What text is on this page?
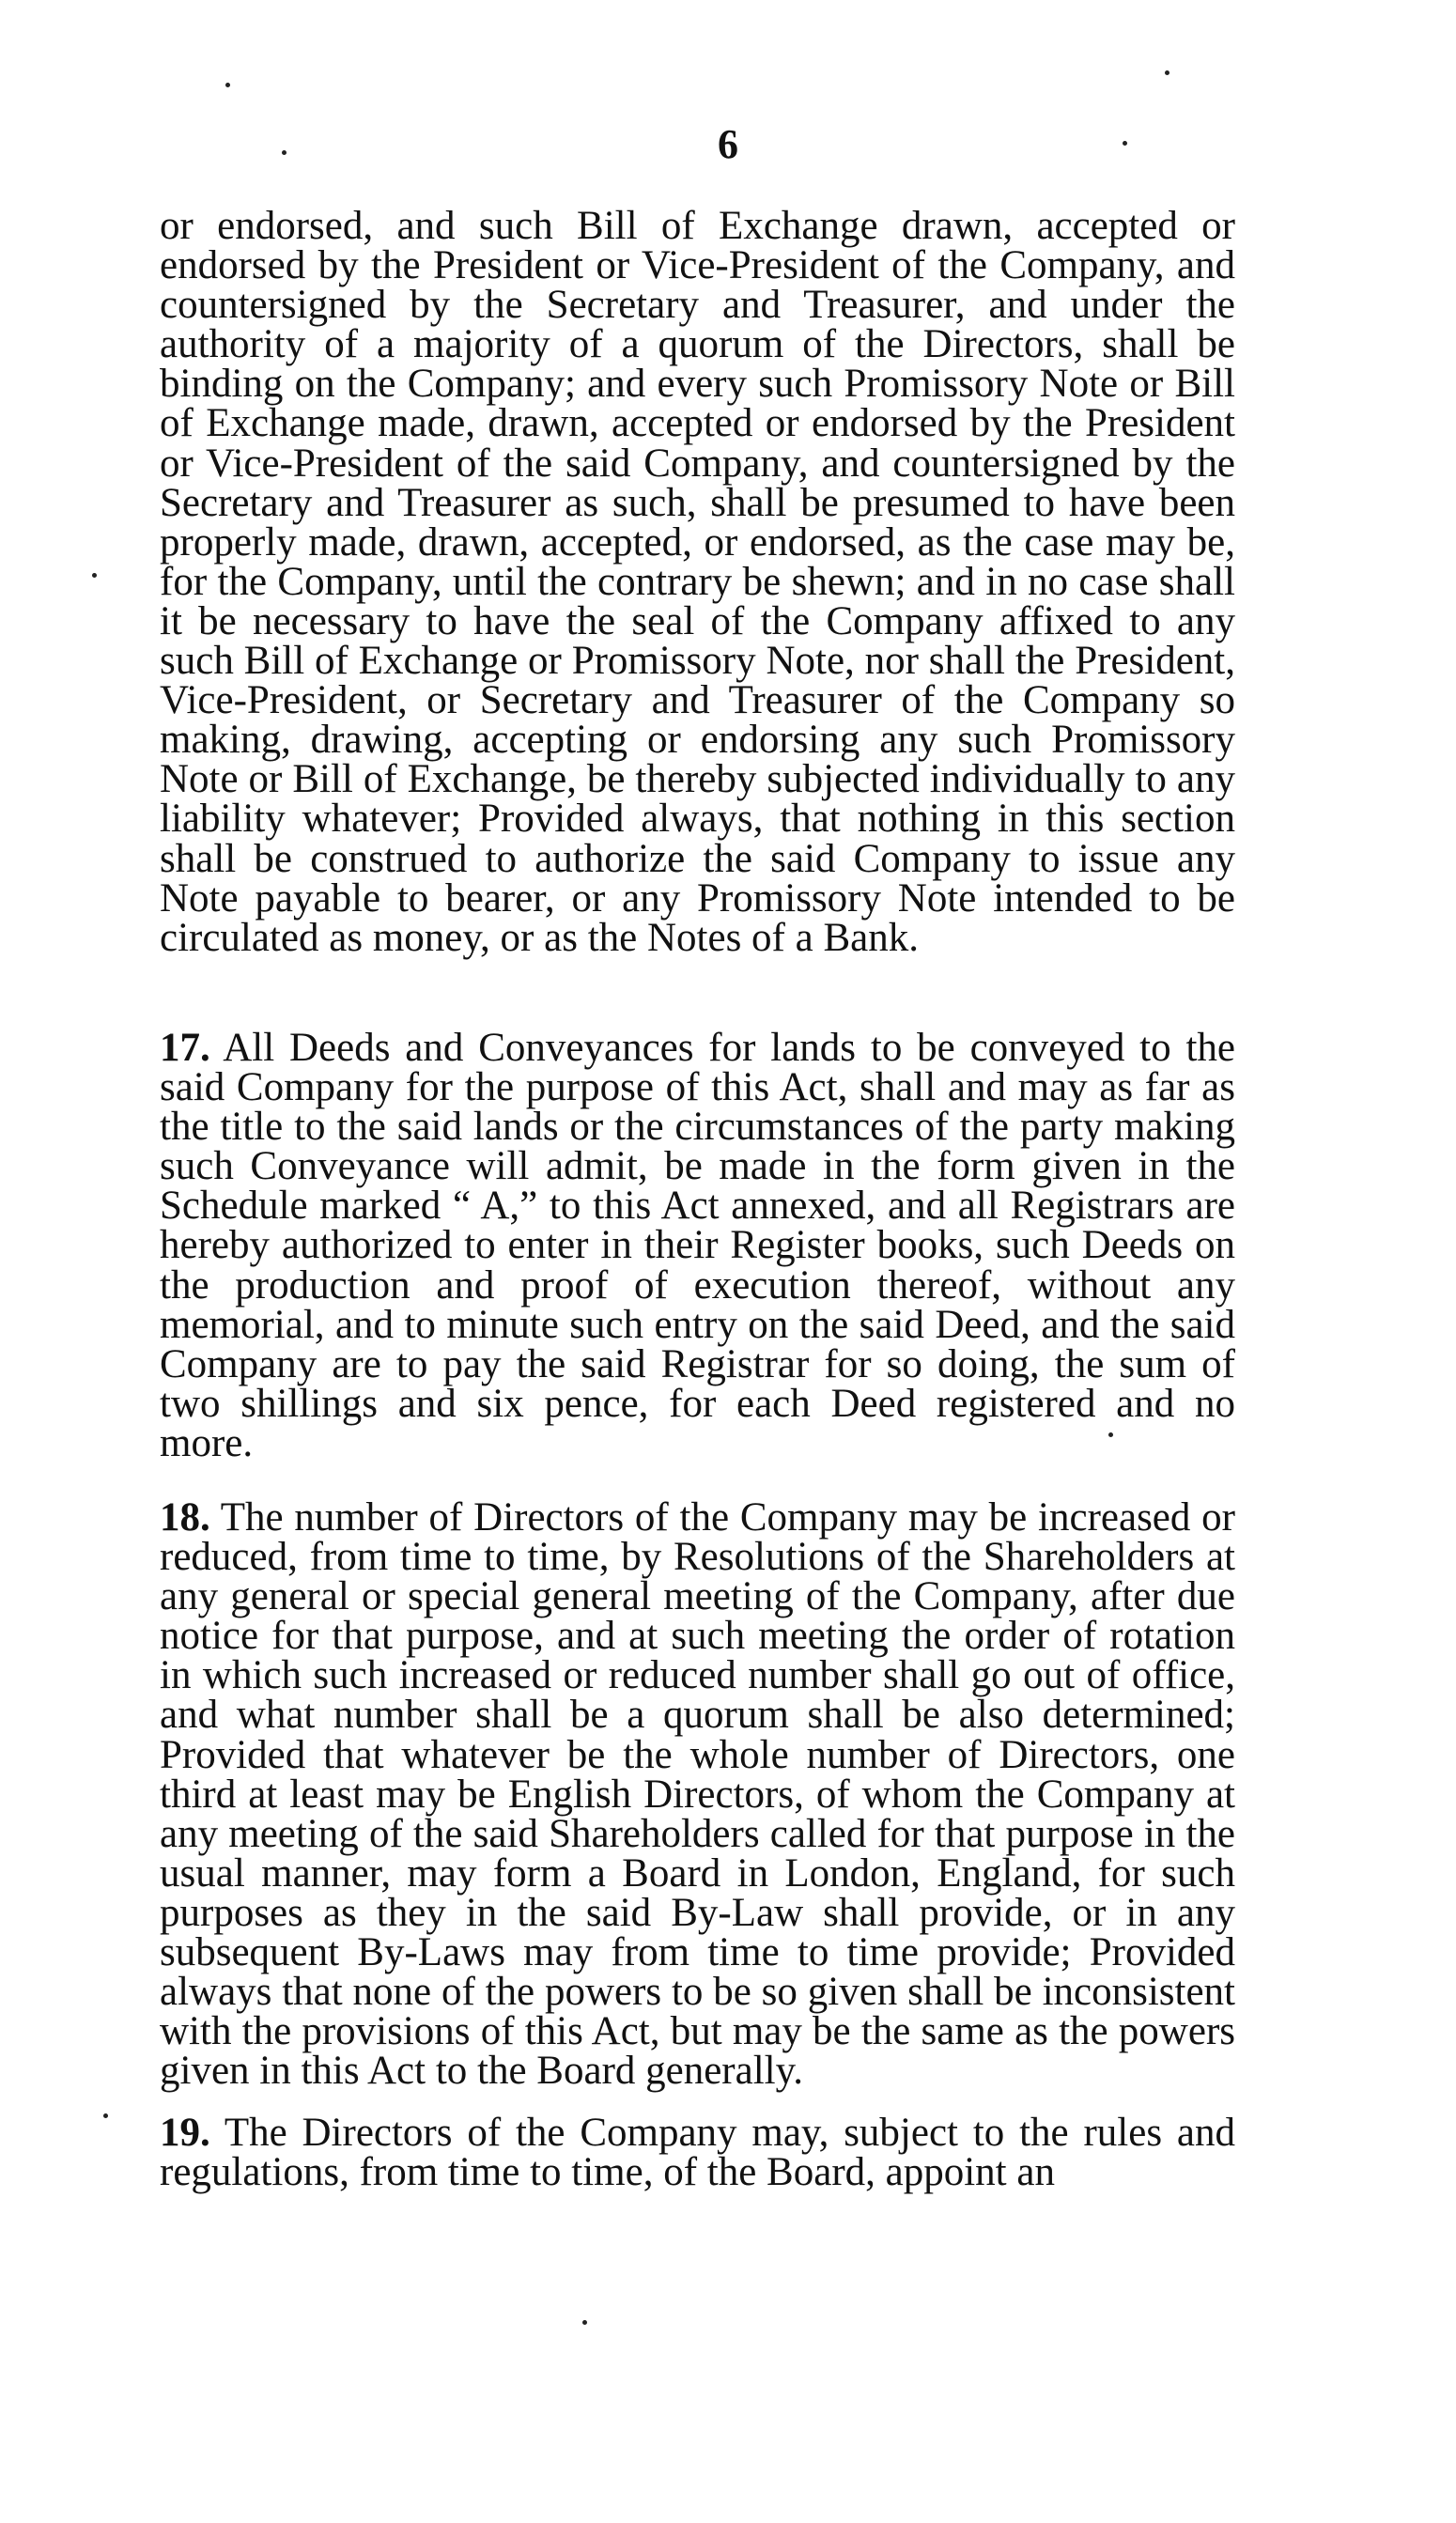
6

or endorsed, and such Bill of Exchange drawn, accepted or endorsed by the President or Vice-President of the Company, and countersigned by the Secretary and Treasurer, and under the authority of a majority of a quorum of the Directors, shall be binding on the Company; and every such Promissory Note or Bill of Exchange made, drawn, accepted or endorsed by the President or Vice-President of the said Company, and countersigned by the Secretary and Treasurer as such, shall be presumed to have been properly made, drawn, accepted, or endorsed, as the case may be, for the Company, until the contrary be shewn; and in no case shall it be necessary to have the seal of the Company affixed to any such Bill of Exchange or Promissory Note, nor shall the President, Vice-President, or Secretary and Treasurer of the Company so making, drawing, accepting or endorsing any such Promissory Note or Bill of Exchange, be thereby subjected individually to any liability whatever; Provided always, that nothing in this section shall be construed to authorize the said Company to issue any Note payable to bearer, or any Promissory Note intended to be circulated as money, or as the Notes of a Bank.

17. All Deeds and Conveyances for lands to be conveyed to the said Company for the purpose of this Act, shall and may as far as the title to the said lands or the circumstances of the party making such Conveyance will admit, be made in the form given in the Schedule marked “ A,” to this Act annexed, and all Registrars are hereby authorized to enter in their Register books, such Deeds on the production and proof of execution thereof, without any memorial, and to minute such entry on the said Deed, and the said Company are to pay the said Registrar for so doing, the sum of two shillings and six pence, for each Deed registered and no more.

18. The number of Directors of the Company may be increased or reduced, from time to time, by Resolutions of the Shareholders at any general or special general meeting of the Company, after due notice for that purpose, and at such meeting the order of rotation in which such increased or reduced number shall go out of office, and what number shall be a quorum shall be also determined; Provided that whatever be the whole number of Directors, one third at least may be English Directors, of whom the Company at any meeting of the said Shareholders called for that purpose in the usual manner, may form a Board in London, England, for such purposes as they in the said By-Law shall provide, or in any subsequent By-Laws may from time to time provide; Provided always that none of the powers to be so given shall be inconsistent with the provisions of this Act, but may be the same as the powers given in this Act to the Board generally.

19. The Directors of the Company may, subject to the rules and regulations, from time to time, of the Board, appoint an
